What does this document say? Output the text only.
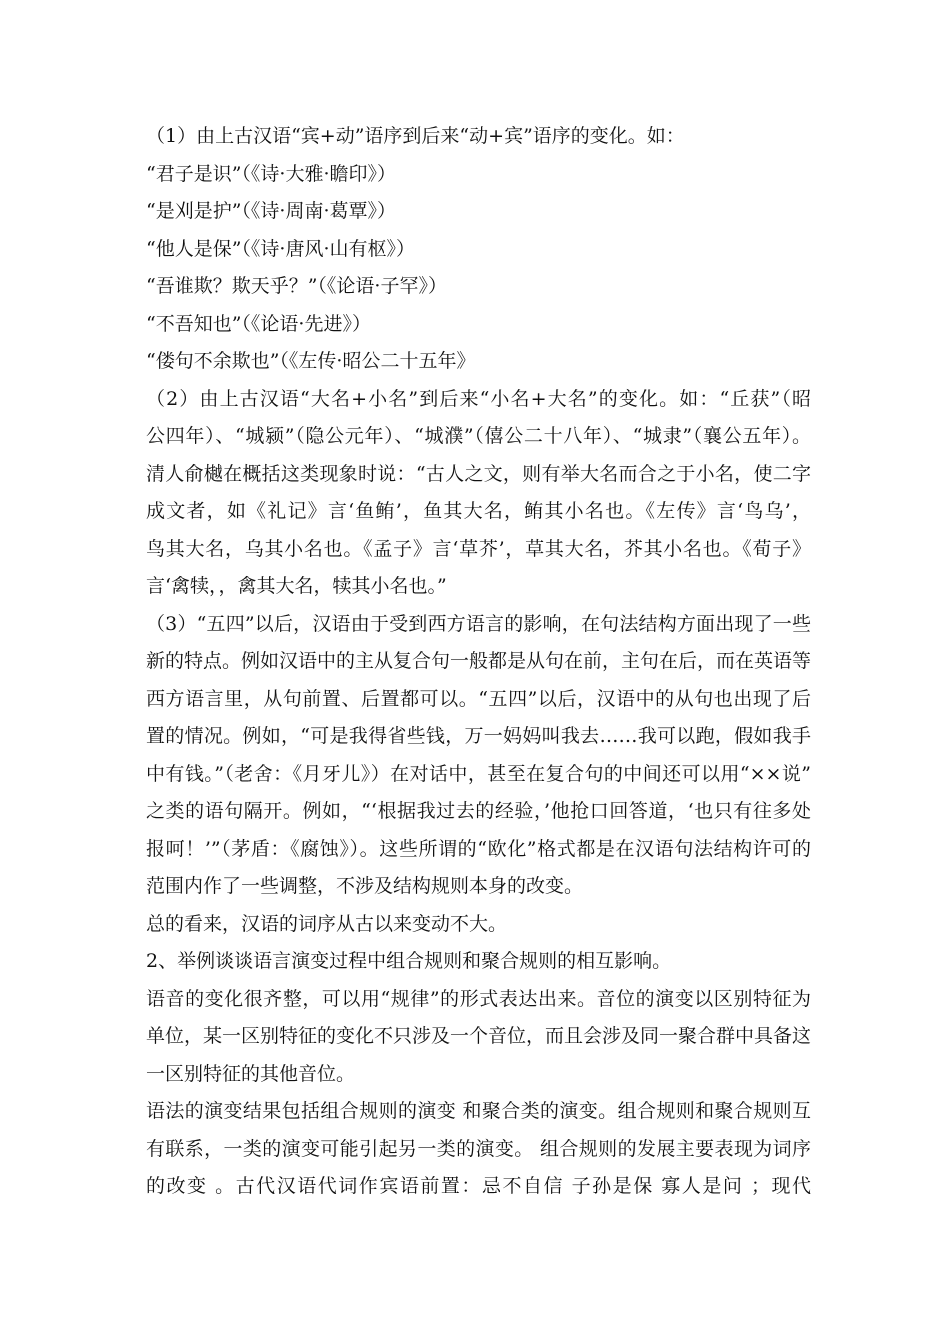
（1）由上古汉语“宾+动”语序到后来“动+宾”语序的变化。如：
“君子是识”（《诗·大雅·瞻印》）
“是刈是护”（《诗·周南·葛覃》）
“他人是保”（《诗·唐风·山有枢》）
“吾谁欺？欺天乎？”（《论语·子罕》）
“不吾知也”（《论语·先进》）
“偻句不余欺也”（《左传·昭公二十五年》
（2）由上古汉语“大名+小名”到后来“小名+大名”的变化。如：“丘获”（昭
公四年）、“城颍”（隐公元年）、“城濮”（僖公二十八年）、“城隶”（襄公五年）。
清人俞樾在概括这类现象时说：“古人之文，则有举大名而合之于小名，使二字
成文者，如《礼记》言‘鱼鲔’，鱼其大名，鲔其小名也。《左传》言‘鸟乌’，
鸟其大名，乌其小名也。《孟子》言‘草芥’，草其大名，芥其小名也。《荀子》
言‘禽犊，，禽其大名，犊其小名也。”
（3）“五四”以后，汉语由于受到西方语言的影响，在句法结构方面出现了一些
新的特点。例如汉语中的主从复合句一般都是从句在前，主句在后，而在英语等
西方语言里，从句前置、后置都可以。“五四”以后，汉语中的从句也出现了后
置的情况。例如，“可是我得省些钱，万一妈妈叫我去……我可以跑，假如我手
中有钱。”（老舍：《月牙儿》）在对话中，甚至在复合句的中间还可以用“××说”
之类的语句隔开。例如，“‘根据我过去的经验，’他抢口回答道，‘也只有往多处
报呵！’”（茅盾：《腐蚀》）。这些所谓的“欧化”格式都是在汉语句法结构许可的
范围内作了一些调整，不涉及结构规则本身的改变。
总的看来，汉语的词序从古以来变动不大。
2、举例谈谈语言演变过程中组合规则和聚合规则的相互影响。
语音的变化很齐整，可以用“规律”的形式表达出来。音位的演变以区别特征为
单位，某一区别特征的变化不只涉及一个音位，而且会涉及同一聚合群中具备这
一区别特征的其他音位。
语法的演变结果包括组合规则的演变 和聚合类的演变。组合规则和聚合规则互
有联系，一类的演变可能引起另一类的演变。 组合规则的发展主要表现为词序
的改变 。古代汉语代词作宾语前置：忌不自信 子孙是保 寡人是问 ；现代
